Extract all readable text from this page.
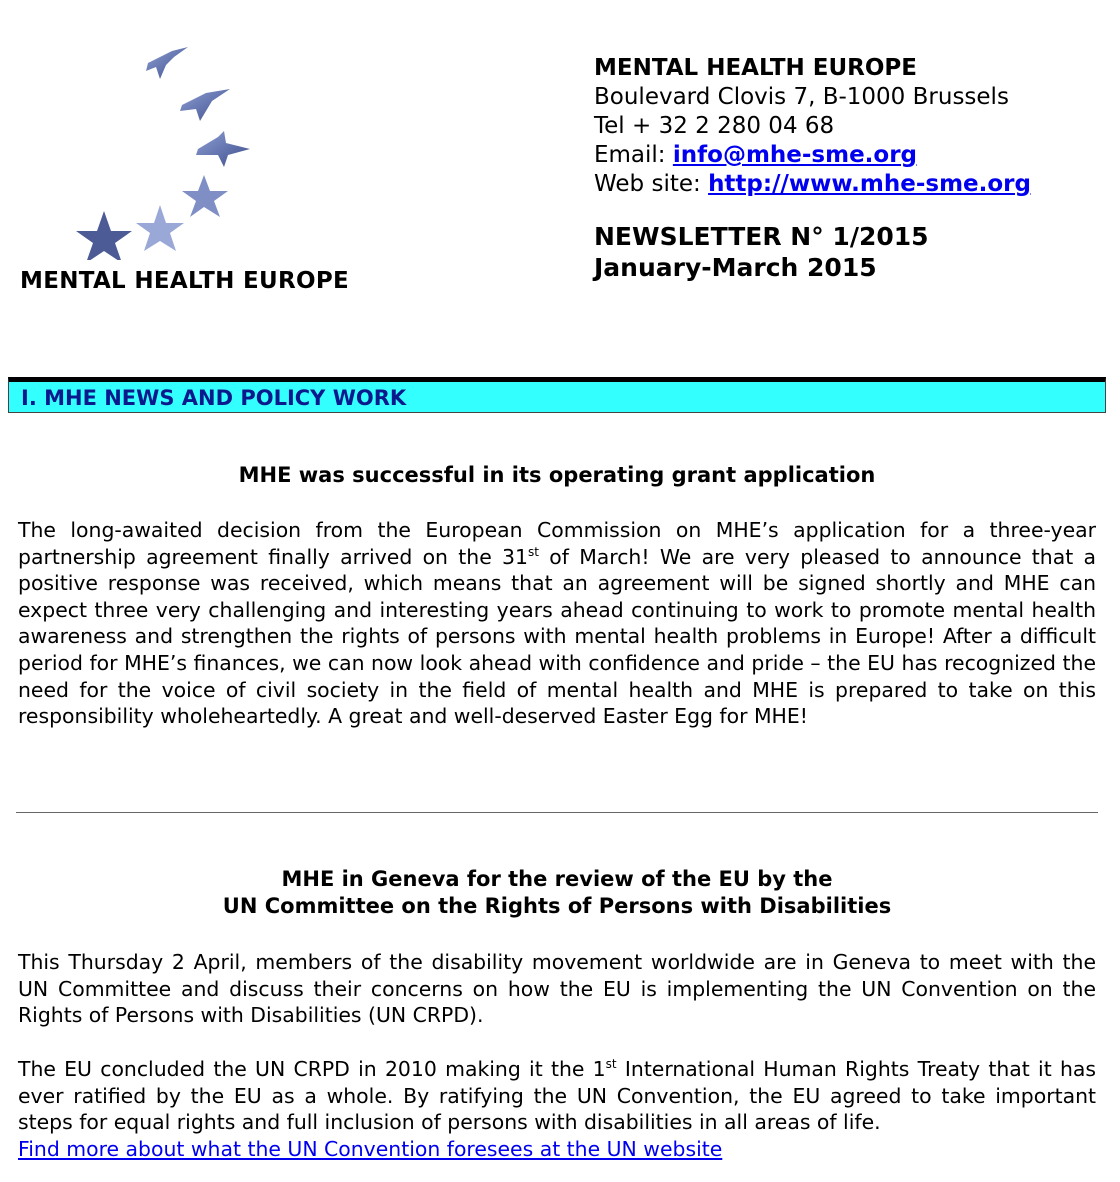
MENTAL HEALTH EUROPE
MENTAL HEALTH EUROPE
Boulevard Clovis 7, B-1000 Brussels
Tel + 32 2 280 04 68
Email: info@mhe-sme.org
Web site: http://www.mhe-sme.org
NEWSLETTER N° 1/2015
January-March 2015
I. MHE NEWS AND POLICY WORK
MHE was successful in its operating grant application
The long-awaited decision from the European Commission on MHE’s application for a three-year partnership agreement finally arrived on the 31st of March! We are very pleased to announce that a positive response was received, which means that an agreement will be signed shortly and MHE can expect three very challenging and interesting years ahead continuing to work to promote mental health awareness and strengthen the rights of persons with mental health problems in Europe! After a difficult period for MHE’s finances, we can now look ahead with confidence and pride – the EU has recognized the need for the voice of civil society in the field of mental health and MHE is prepared to take on this responsibility wholeheartedly. A great and well-deserved Easter Egg for MHE!
MHE in Geneva for the review of the EU by the
UN Committee on the Rights of Persons with Disabilities
This Thursday 2 April, members of the disability movement worldwide are in Geneva to meet with the UN Committee and discuss their concerns on how the EU is implementing the UN Convention on the Rights of Persons with Disabilities (UN CRPD).
The EU concluded the UN CRPD in 2010 making it the 1st International Human Rights Treaty that it has ever ratified by the EU as a whole. By ratifying the UN Convention, the EU agreed to take important steps for equal rights and full inclusion of persons with disabilities in all areas of life.
Find more about what the UN Convention foresees at the UN website
